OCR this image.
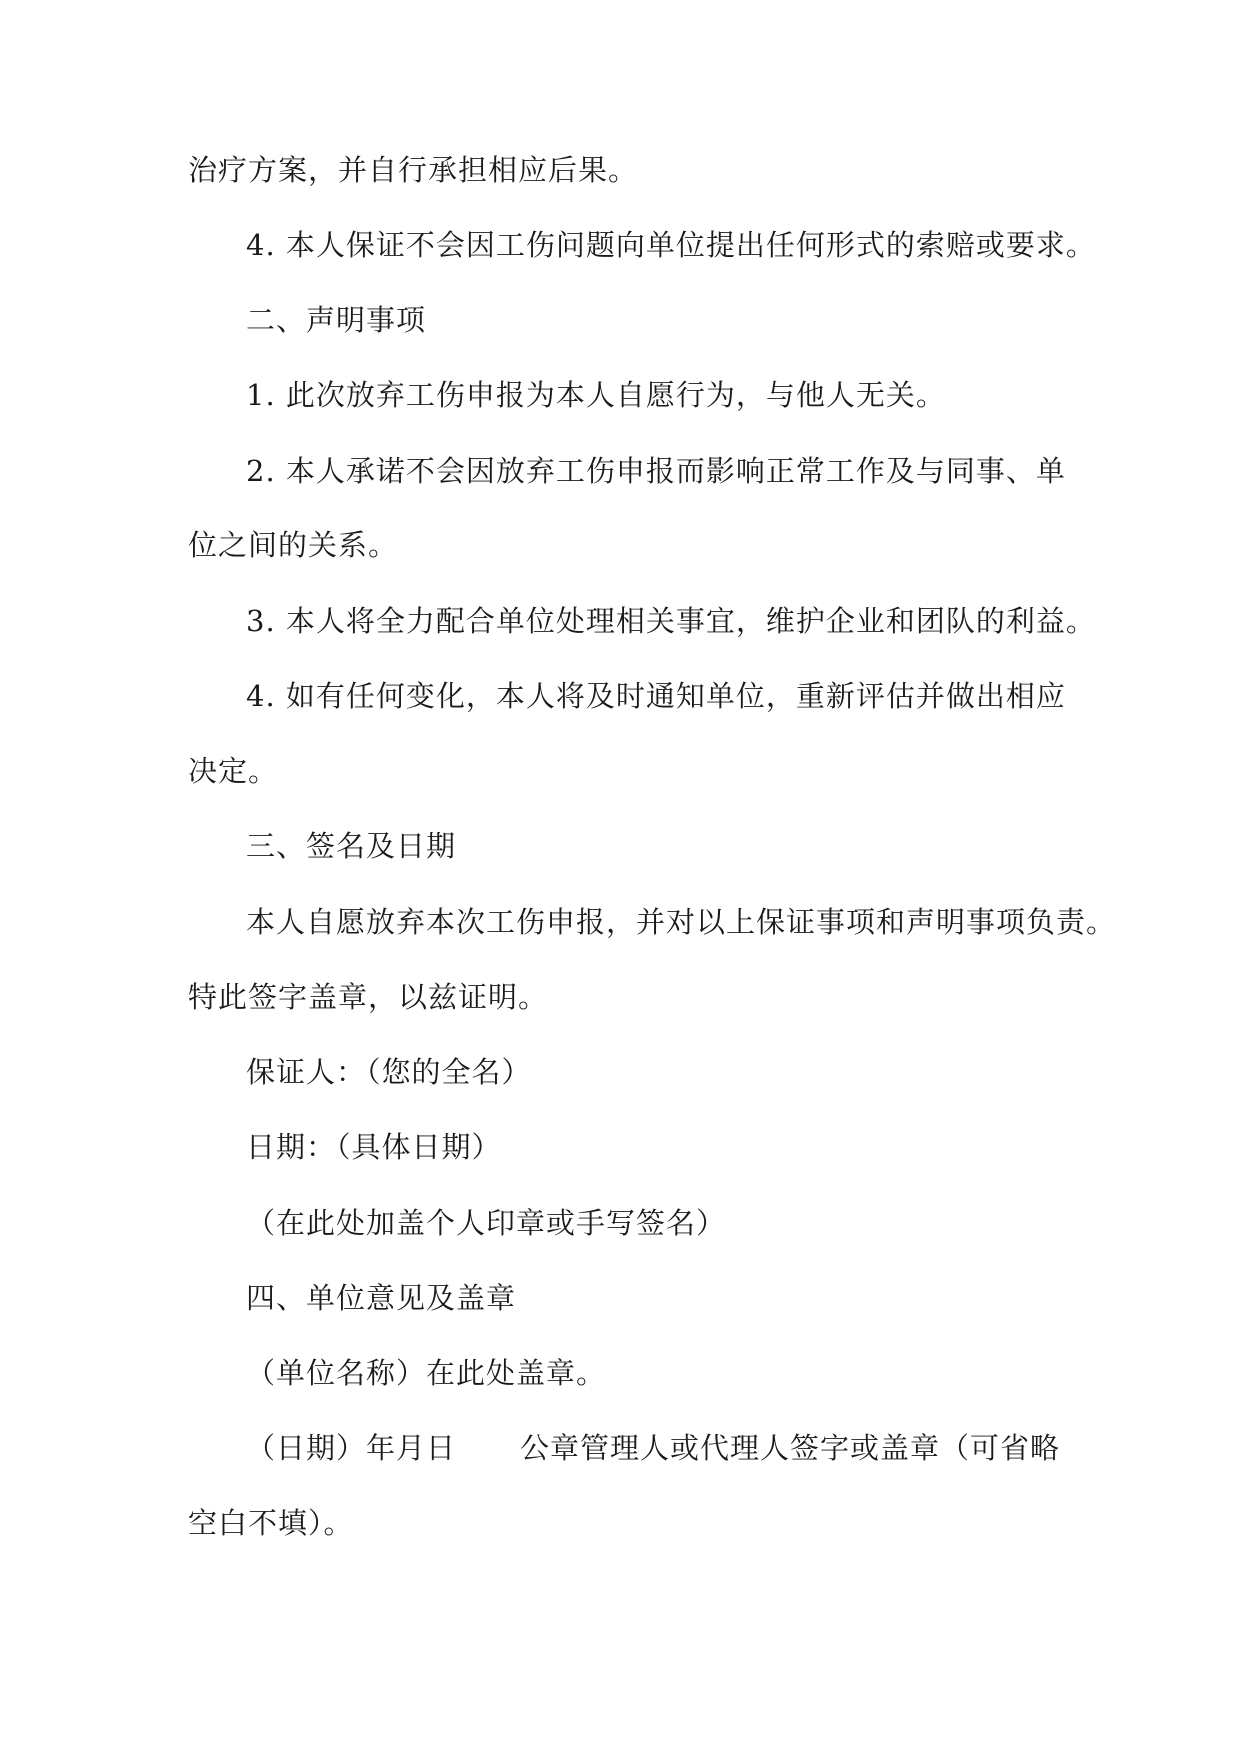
治疗方案，并自行承担相应后果。

4. 本人保证不会因工伤问题向单位提出任何形式的索赔或要求。

二、声明事项

1. 此次放弃工伤申报为本人自愿行为，与他人无关。

2. 本人承诺不会因放弃工伤申报而影响正常工作及与同事、单

位之间的关系。

3. 本人将全力配合单位处理相关事宜，维护企业和团队的利益。

4. 如有任何变化，本人将及时通知单位，重新评估并做出相应

决定。

三、签名及日期

本人自愿放弃本次工伤申报，并对以上保证事项和声明事项负责。

特此签字盖章，以兹证明。

保证人：（您的全名）

日期：（具体日期）

（在此处加盖个人印章或手写签名）

四、单位意见及盖章

（单位名称）在此处盖章。

（日期）年月日 公章管理人或代理人签字或盖章（可省略

空白不填）。
